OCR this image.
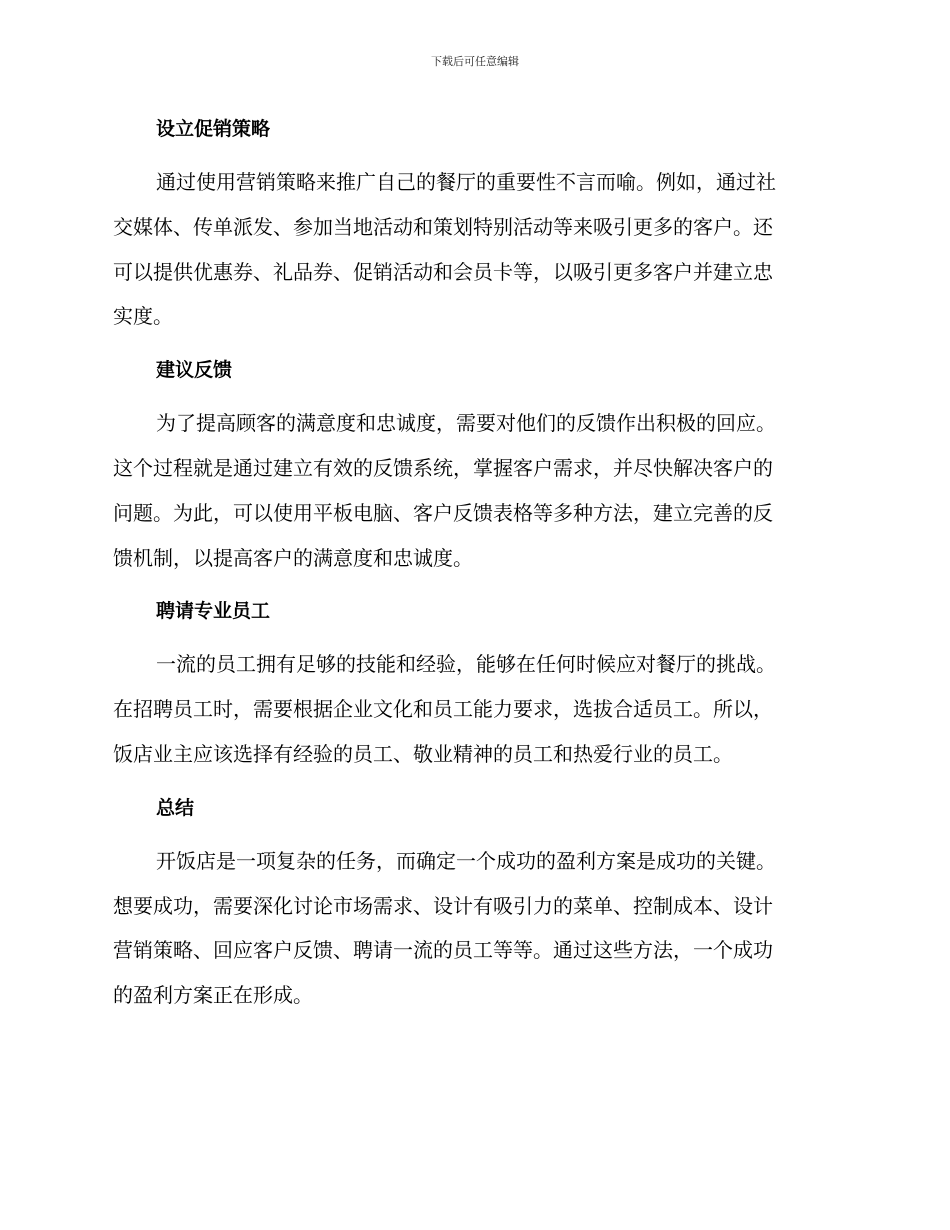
下载后可任意编辑
设立促销策略
通过使用营销策略来推广自己的餐厅的重要性不言而喻。例如，通过社
交媒体、传单派发、参加当地活动和策划特别活动等来吸引更多的客户。还
可以提供优惠券、礼品券、促销活动和会员卡等，以吸引更多客户并建立忠
实度。
建议反馈
为了提高顾客的满意度和忠诚度，需要对他们的反馈作出积极的回应。
这个过程就是通过建立有效的反馈系统，掌握客户需求，并尽快解决客户的
问题。为此，可以使用平板电脑、客户反馈表格等多种方法，建立完善的反
馈机制，以提高客户的满意度和忠诚度。
聘请专业员工
一流的员工拥有足够的技能和经验，能够在任何时候应对餐厅的挑战。
在招聘员工时，需要根据企业文化和员工能力要求，选拔合适员工。所以，
饭店业主应该选择有经验的员工、敬业精神的员工和热爱行业的员工。
总结
开饭店是一项复杂的任务，而确定一个成功的盈利方案是成功的关键。
想要成功，需要深化讨论市场需求、设计有吸引力的菜单、控制成本、设计
营销策略、回应客户反馈、聘请一流的员工等等。通过这些方法，一个成功
的盈利方案正在形成。
